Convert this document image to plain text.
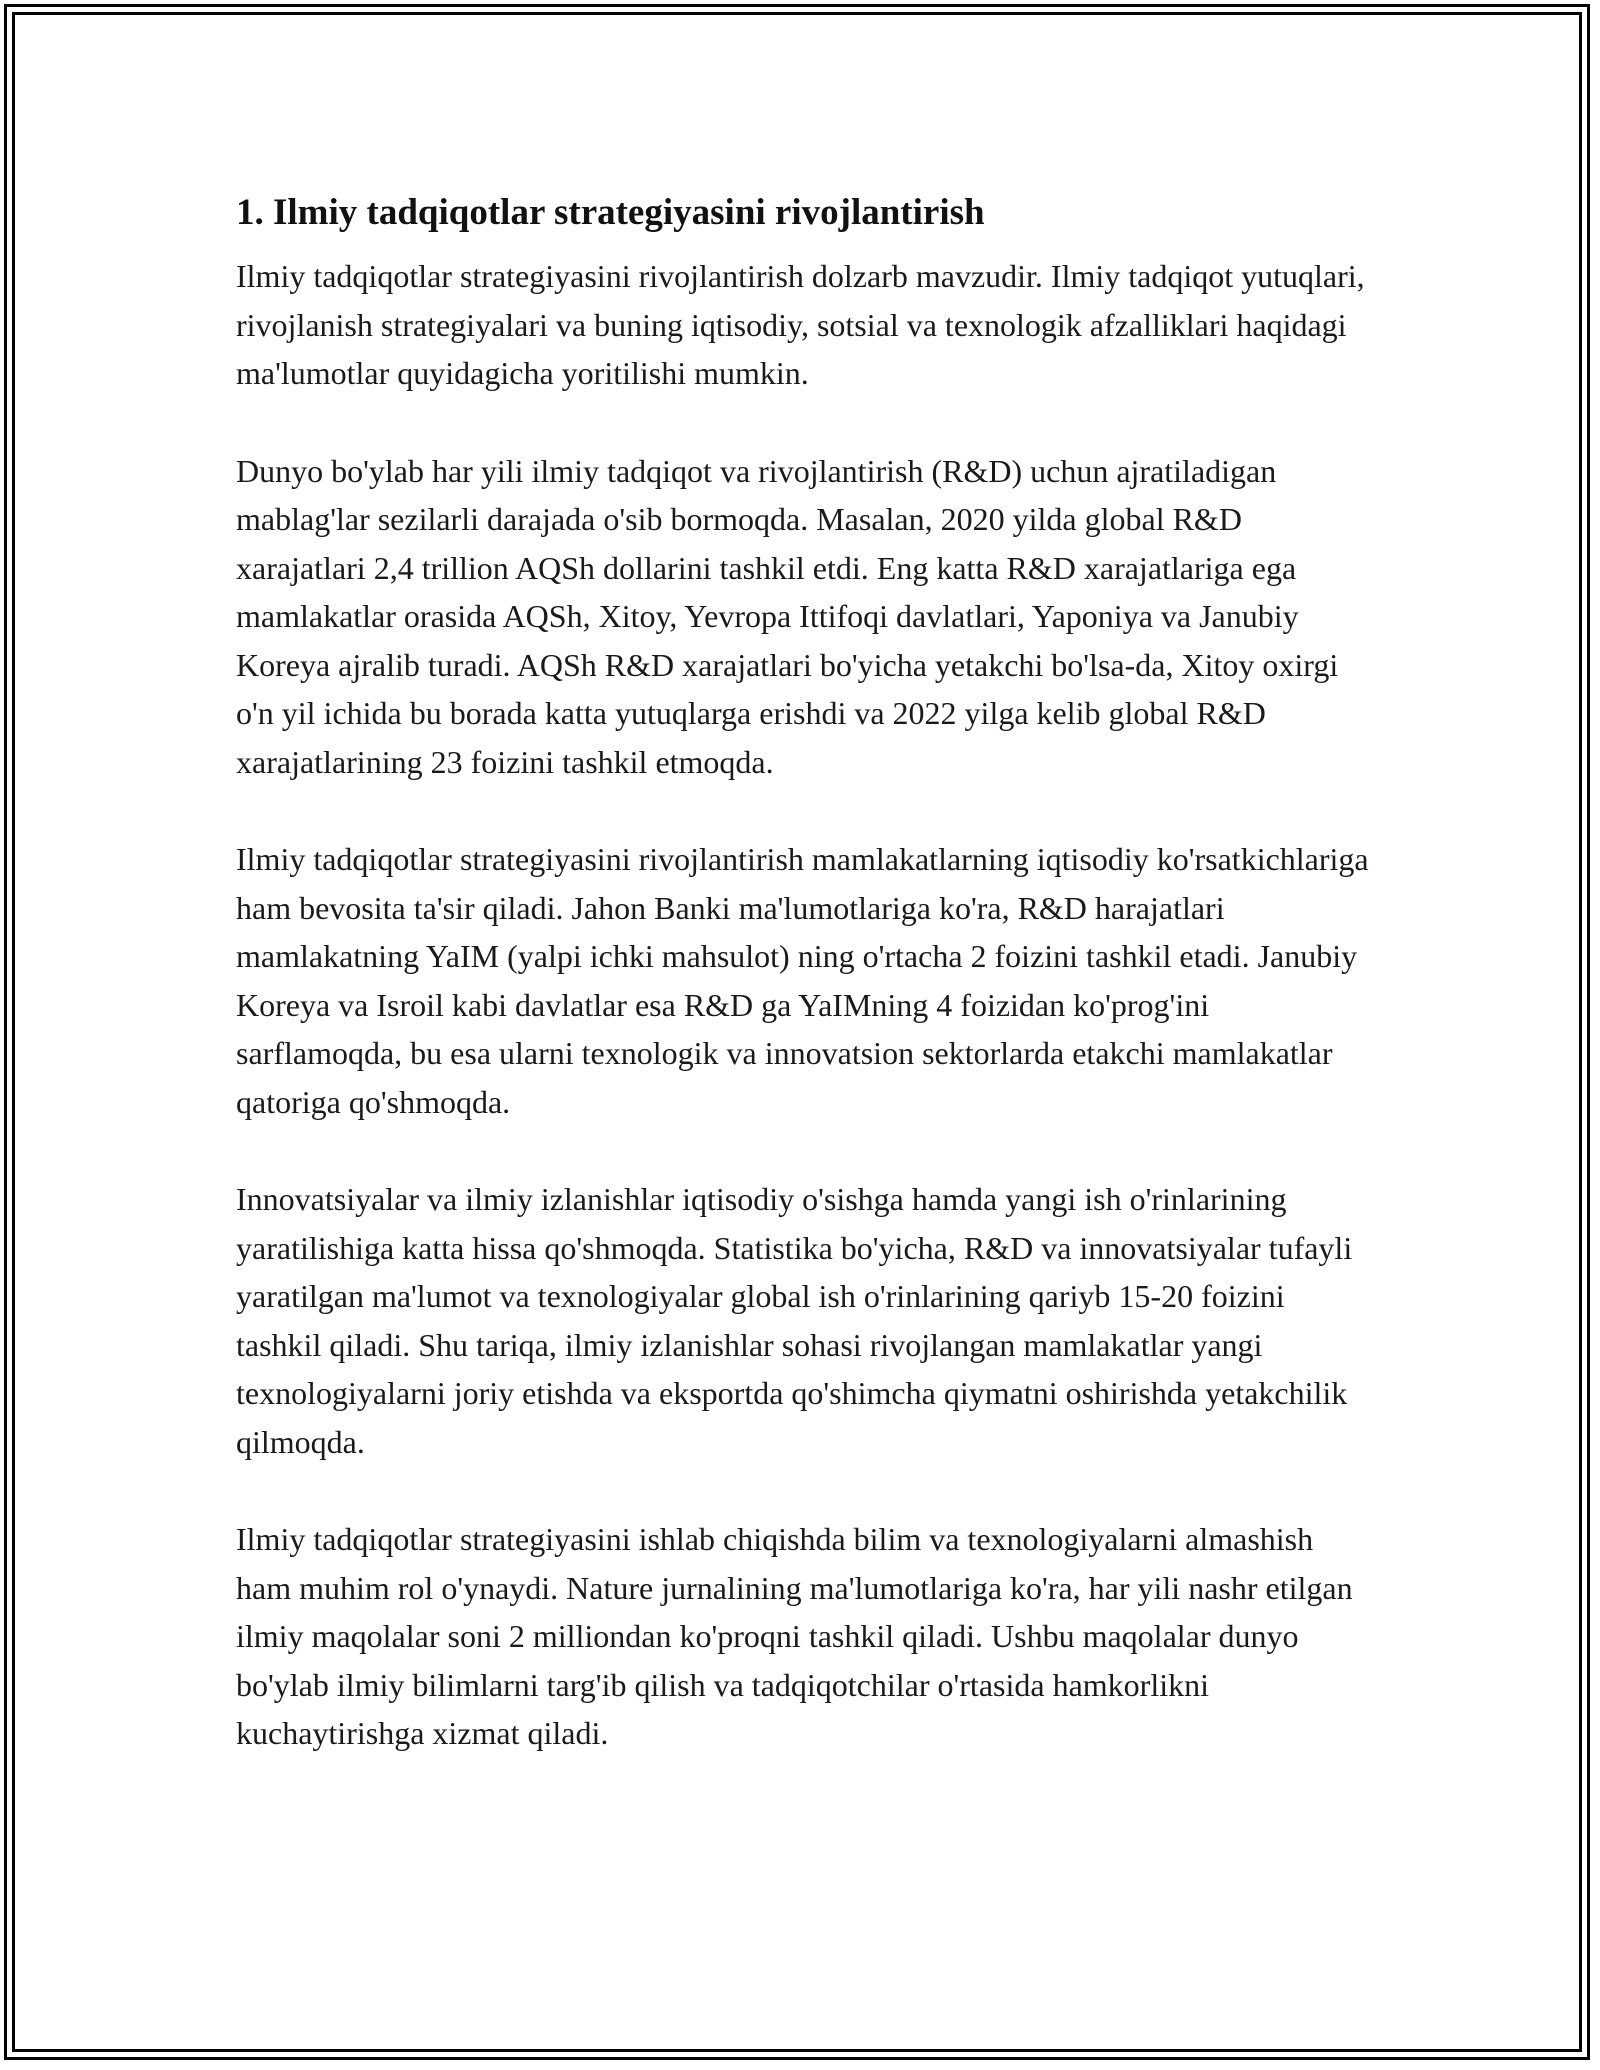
1. Ilmiy tadqiqotlar strategiyasini rivojlantirish

Ilmiy tadqiqotlar strategiyasini rivojlantirish dolzarb mavzudir. Ilmiy tadqiqot yutuqlari, rivojlanish strategiyalari va buning iqtisodiy, sotsial va texnologik afzalliklari haqidagi ma'lumotlar quyidagicha yoritilishi mumkin.

Dunyo bo'ylab har yili ilmiy tadqiqot va rivojlantirish (R&D) uchun ajratiladigan mablag'lar sezilarli darajada o'sib bormoqda. Masalan, 2020 yilda global R&D xarajatlari 2,4 trillion AQSh dollarini tashkil etdi. Eng katta R&D xarajatlariga ega mamlakatlar orasida AQSh, Xitoy, Yevropa Ittifoqi davlatlari, Yaponiya va Janubiy Koreya ajralib turadi. AQSh R&D xarajatlari bo'yicha yetakchi bo'lsa-da, Xitoy oxirgi o'n yil ichida bu borada katta yutuqlarga erishdi va 2022 yilga kelib global R&D xarajatlarining 23 foizini tashkil etmoqda.

Ilmiy tadqiqotlar strategiyasini rivojlantirish mamlakatlarning iqtisodiy ko'rsatkichlariga ham bevosita ta'sir qiladi. Jahon Banki ma'lumotlariga ko'ra, R&D harajatlari mamlakatning YaIM (yalpi ichki mahsulot) ning o'rtacha 2 foizini tashkil etadi. Janubiy Koreya va Isroil kabi davlatlar esa R&D ga YaIMning 4 foizidan ko'prog'ini sarflamoqda, bu esa ularni texnologik va innovatsion sektorlarda etakchi mamlakatlar qatoriga qo'shmoqda.

Innovatsiyalar va ilmiy izlanishlar iqtisodiy o'sishga hamda yangi ish o'rinlarining yaratilishiga katta hissa qo'shmoqda. Statistika bo'yicha, R&D va innovatsiyalar tufayli yaratilgan ma'lumot va texnologiyalar global ish o'rinlarining qariyb 15-20 foizini tashkil qiladi. Shu tariqa, ilmiy izlanishlar sohasi rivojlangan mamlakatlar yangi texnologiyalarni joriy etishda va eksportda qo'shimcha qiymatni oshirishda yetakchilik qilmoqda.

Ilmiy tadqiqotlar strategiyasini ishlab chiqishda bilim va texnologiyalarni almashish ham muhim rol o'ynaydi. Nature jurnalining ma'lumotlariga ko'ra, har yili nashr etilgan ilmiy maqolalar soni 2 milliondan ko'proqni tashkil qiladi. Ushbu maqolalar dunyo bo'ylab ilmiy bilimlarni targ'ib qilish va tadqiqotchilar o'rtasida hamkorlikni kuchaytirishga xizmat qiladi.
